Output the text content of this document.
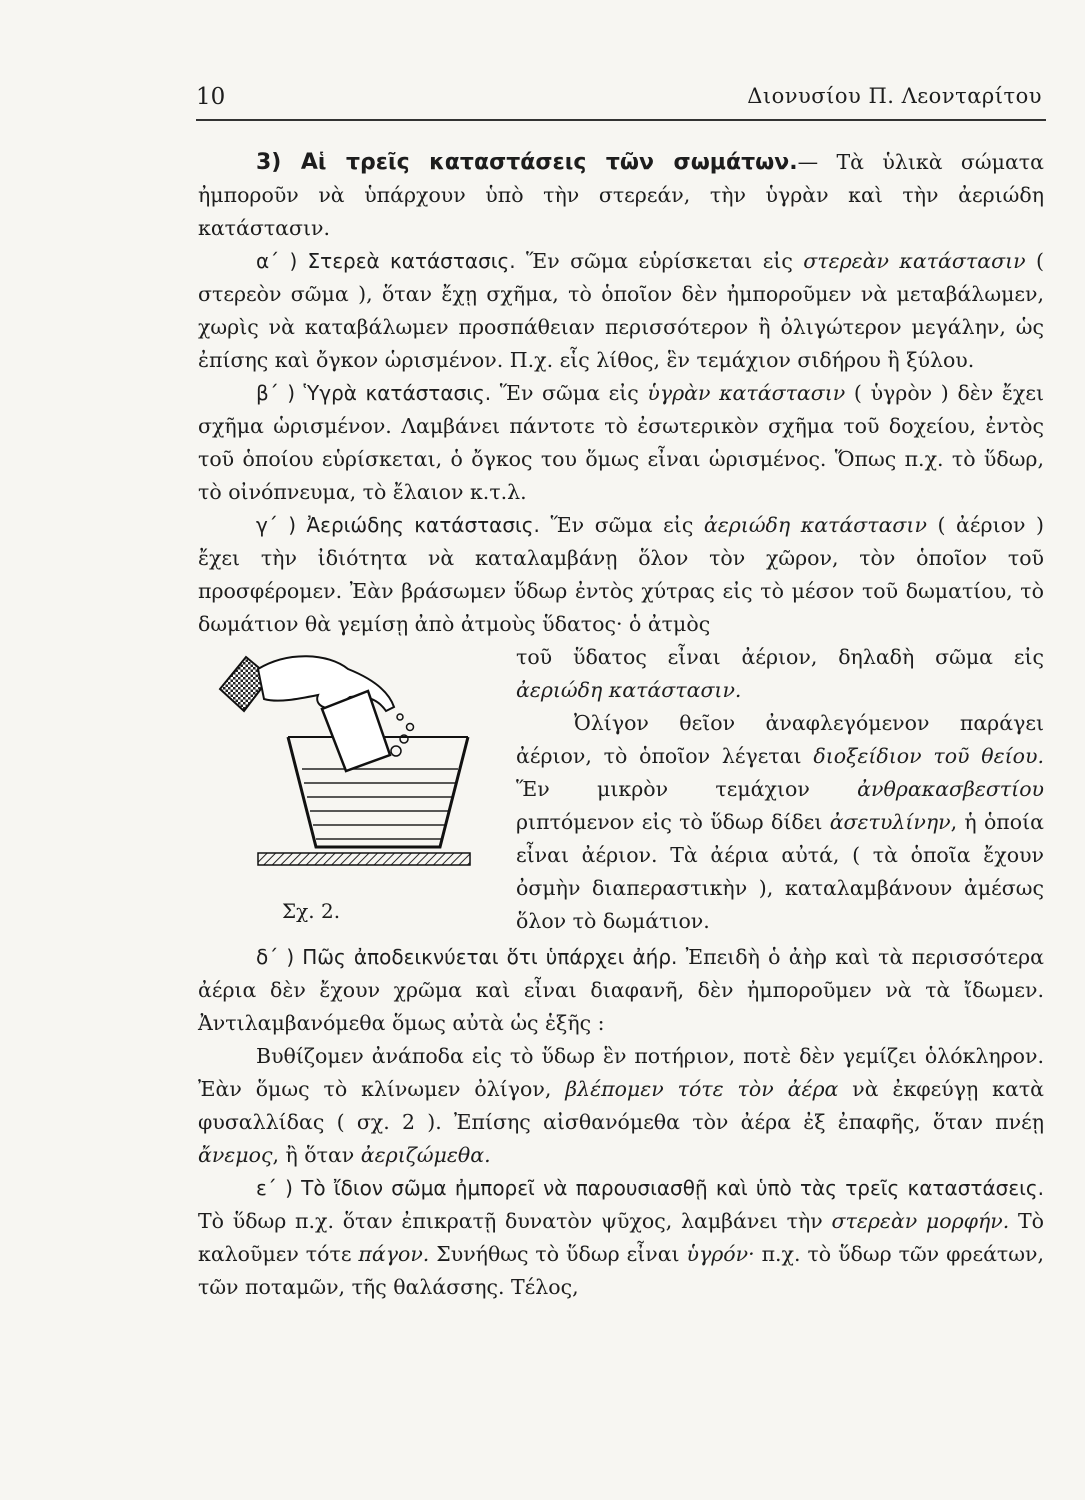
10	Διονυσίου Π. Λεονταρίτου

3) Αἱ τρεῖς καταστάσεις τῶν σωμάτων.— Τὰ ὑλικὰ σώματα ἠμποροῦν νὰ ὑπάρχουν ὑπὸ τὴν στερεάν, τὴν ὑγρὰν καὶ τὴν ἀεριώδη κατάστασιν.

α´ ) Στερεὰ κατάστασις. Ἕν σῶμα εὑρίσκεται εἰς στερεὰν κατάστασιν ( στερεὸν σῶμα ), ὅταν ἔχῃ σχῆμα, τὸ ὁποῖον δὲν ἠμποροῦμεν νὰ μεταβάλωμεν, χωρὶς νὰ καταβάλωμεν προσπάθειαν περισσότερον ἢ ὀλιγώτερον μεγάλην, ὡς ἐπίσης καὶ ὄγκον ὡρισμένον. Π.χ. εἷς λίθος, ἓν τεμάχιον σιδήρου ἢ ξύλου.

β´ ) Ὑγρὰ κατάστασις. Ἕν σῶμα εἰς ὑγρὰν κατάστασιν ( ὑγρὸν ) δὲν ἔχει σχῆμα ὡρισμένον. Λαμβάνει πάντοτε τὸ ἐσωτερικὸν σχῆμα τοῦ δοχείου, ἐντὸς τοῦ ὁποίου εὑρίσκεται, ὁ ὄγκος του ὅμως εἶναι ὡρισμένος. Ὅπως π.χ. τὸ ὕδωρ, τὸ οἰνόπνευμα, τὸ ἔλαιον κ.τ.λ.

γ´ ) Ἀεριώδης κατάστασις. Ἕν σῶμα εἰς ἀεριώδη κατάστασιν ( ἀέριον ) ἔχει τὴν ἰδιότητα νὰ καταλαμβάνῃ ὅλον τὸν χῶρον, τὸν ὁποῖον τοῦ προσφέρομεν. Ἐὰν βράσωμεν ὕδωρ ἐντὸς χύτρας εἰς τὸ μέσον τοῦ δωματίου, τὸ δωμάτιον θὰ γεμίσῃ ἀπὸ ἀτμοὺς ὕδατος· ὁ ἀτμὸς

Σχ. 2.

τοῦ ὕδατος εἶναι ἀέριον, δηλαδὴ σῶμα εἰς ἀεριώδη κατάστασιν.

Ὀλίγον θεῖον ἀναφλεγόμενον παράγει ἀέριον, τὸ ὁποῖον λέγεται διοξείδιον τοῦ θείου. Ἕν μικρὸν τεμάχιον ἀνθρακασβεστίου ριπτόμενον εἰς τὸ ὕδωρ δίδει ἀσετυλίνην, ἡ ὁποία εἶναι ἀέριον. Τὰ ἀέρια αὐτά, ( τὰ ὁποῖα ἔχουν ὀσμὴν διαπεραστικὴν ), καταλαμβάνουν ἀμέσως ὅλον τὸ δωμάτιον.

δ´ ) Πῶς ἀποδεικνύεται ὅτι ὑπάρχει ἀήρ. Ἐπειδὴ ὁ ἀὴρ καὶ τὰ περισσότερα ἀέρια δὲν ἔχουν χρῶμα καὶ εἶναι διαφανῆ, δὲν ἠμποροῦμεν νὰ τὰ ἴδωμεν. Ἀντιλαμβανόμεθα ὅμως αὐτὰ ὡς ἑξῆς :

Βυθίζομεν ἀνάποδα εἰς τὸ ὕδωρ ἓν ποτήριον, ποτὲ δὲν γεμίζει ὁλόκληρον. Ἐὰν ὅμως τὸ κλίνωμεν ὀλίγον, βλέπομεν τότε τὸν ἀέρα νὰ ἐκφεύγῃ κατὰ φυσαλλίδας ( σχ. 2 ). Ἐπίσης αἰσθανόμεθα τὸν ἀέρα ἐξ ἐπαφῆς, ὅταν πνέῃ ἄνεμος, ἢ ὅταν ἀεριζώμεθα.

ε´ ) Τὸ ἴδιον σῶμα ἠμπορεῖ νὰ παρουσιασθῇ καὶ ὑπὸ τὰς τρεῖς καταστάσεις. Τὸ ὕδωρ π.χ. ὅταν ἐπικρατῇ δυνατὸν ψῦχος, λαμβάνει τὴν στερεὰν μορφήν. Τὸ καλοῦμεν τότε πάγον. Συνήθως τὸ ὕδωρ εἶναι ὑγρόν· π.χ. τὸ ὕδωρ τῶν φρεάτων, τῶν ποταμῶν, τῆς θαλάσσης. Τέλος,
